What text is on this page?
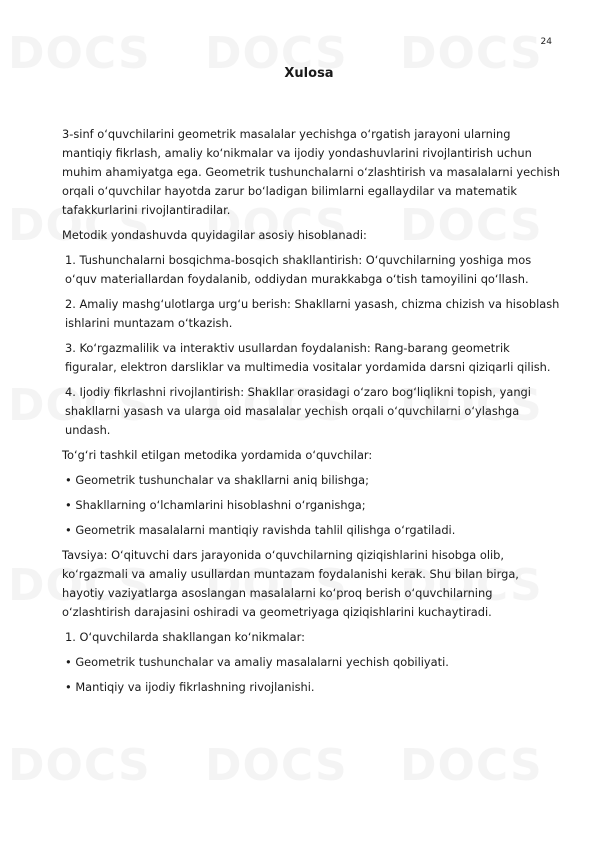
24
Xulosa

3-sinf o‘quvchilarini geometrik masalalar yechishga o‘rgatish jarayoni ularning mantiqiy fikrlash, amaliy ko‘nikmalar va ijodiy yondashuvlarini rivojlantirish uchun muhim ahamiyatga ega. Geometrik tushunchalarni o‘zlashtirish va masalalarni yechish orqali o‘quvchilar hayotda zarur bo‘ladigan bilimlarni egallaydilar va matematik tafakkurlarini rivojlantiradilar.

Metodik yondashuvda quyidagilar asosiy hisoblanadi:

1. Tushunchalarni bosqichma-bosqich shakllantirish: O‘quvchilarning yoshiga mos o‘quv materiallardan foydalanib, oddiydan murakkabga o‘tish tamoyilini qo‘llash.

2. Amaliy mashg‘ulotlarga urg‘u berish: Shakllarni yasash, chizma chizish va hisoblash ishlarini muntazam o‘tkazish.

3. Ko‘rgazmalilik va interaktiv usullardan foydalanish: Rang-barang geometrik figuralar, elektron darsliklar va multimedia vositalar yordamida darsni qiziqarli qilish.

4. Ijodiy fikrlashni rivojlantirish: Shakllar orasidagi o‘zaro bog‘liqlikni topish, yangi shakllarni yasash va ularga oid masalalar yechish orqali o‘quvchilarni o‘ylashga undash.

To‘g‘ri tashkil etilgan metodika yordamida o‘quvchilar:

• Geometrik tushunchalar va shakllarni aniq bilishga;

• Shakllarning o‘lchamlarini hisoblashni o‘rganishga;

• Geometrik masalalarni mantiqiy ravishda tahlil qilishga o‘rgatiladi.

Tavsiya: O‘qituvchi dars jarayonida o‘quvchilarning qiziqishlarini hisobga olib, ko‘rgazmali va amaliy usullardan muntazam foydalanishi kerak. Shu bilan birga, hayotiy vaziyatlarga asoslangan masalalarni ko‘proq berish o‘quvchilarning o‘zlashtirish darajasini oshiradi va geometriyaga qiziqishlarini kuchaytiradi.

1. O‘quvchilarda shakllangan ko‘nikmalar:

• Geometrik tushunchalar va amaliy masalalarni yechish qobiliyati.

• Mantiqiy va ijodiy fikrlashning rivojlanishi.
